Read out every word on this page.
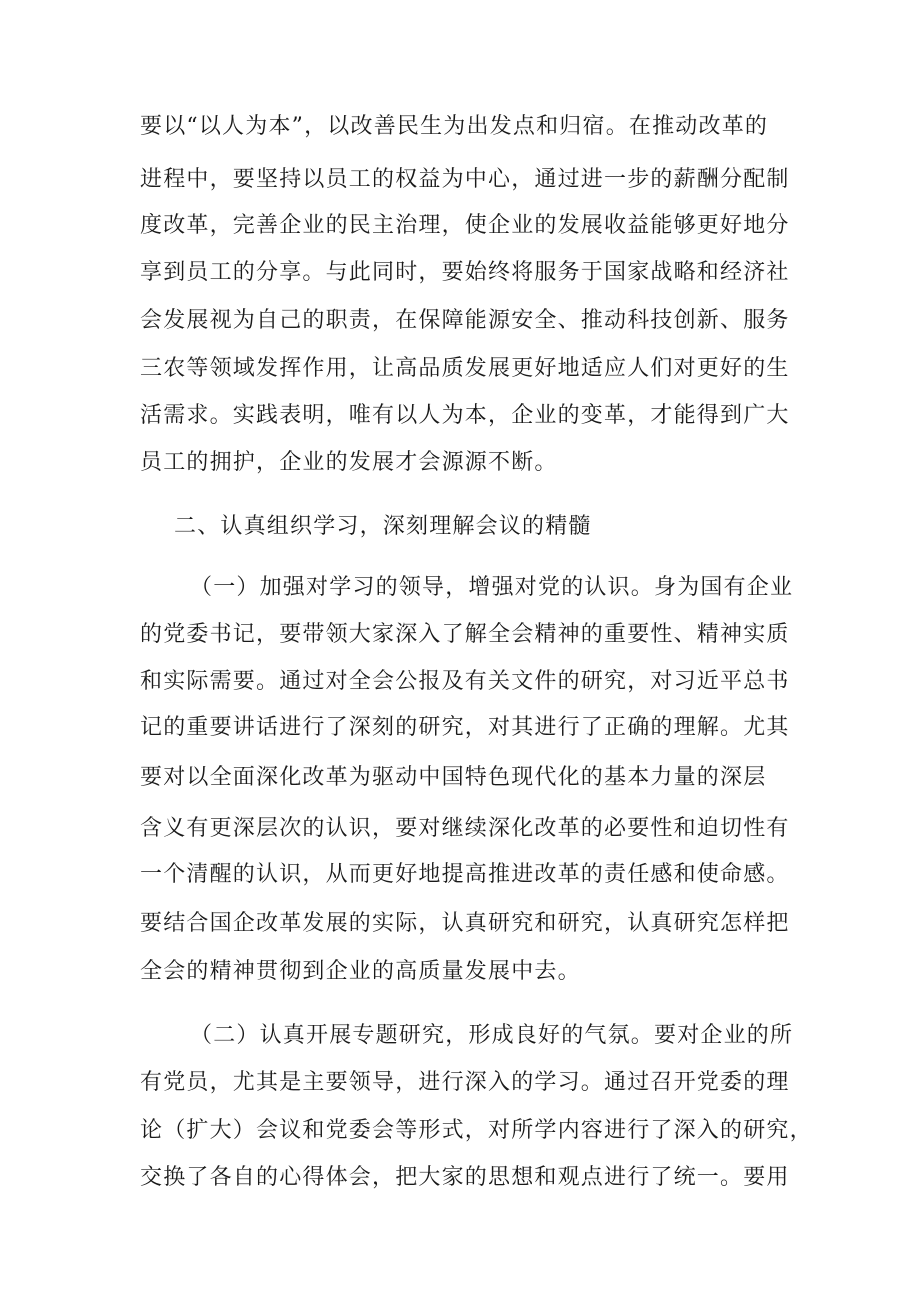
要以“以人为本”，以改善民生为出发点和归宿。在推动改革的
进程中，要坚持以员工的权益为中心，通过进一步的薪酬分配制
度改革，完善企业的民主治理，使企业的发展收益能够更好地分
享到员工的分享。与此同时，要始终将服务于国家战略和经济社
会发展视为自己的职责，在保障能源安全、推动科技创新、服务
三农等领域发挥作用，让高品质发展更好地适应人们对更好的生
活需求。实践表明，唯有以人为本，企业的变革，才能得到广大
员工的拥护，企业的发展才会源源不断。
二、认真组织学习，深刻理解会议的精髓
（一）加强对学习的领导，增强对党的认识。身为国有企业
的党委书记，要带领大家深入了解全会精神的重要性、精神实质
和实际需要。通过对全会公报及有关文件的研究，对习近平总书
记的重要讲话进行了深刻的研究，对其进行了正确的理解。尤其
要对以全面深化改革为驱动中国特色现代化的基本力量的深层
含义有更深层次的认识，要对继续深化改革的必要性和迫切性有
一个清醒的认识，从而更好地提高推进改革的责任感和使命感。
要结合国企改革发展的实际，认真研究和研究，认真研究怎样把
全会的精神贯彻到企业的高质量发展中去。
（二）认真开展专题研究，形成良好的气氛。要对企业的所
有党员，尤其是主要领导，进行深入的学习。通过召开党委的理
论（扩大）会议和党委会等形式，对所学内容进行了深入的研究，
交换了各自的心得体会，把大家的思想和观点进行了统一。要用
